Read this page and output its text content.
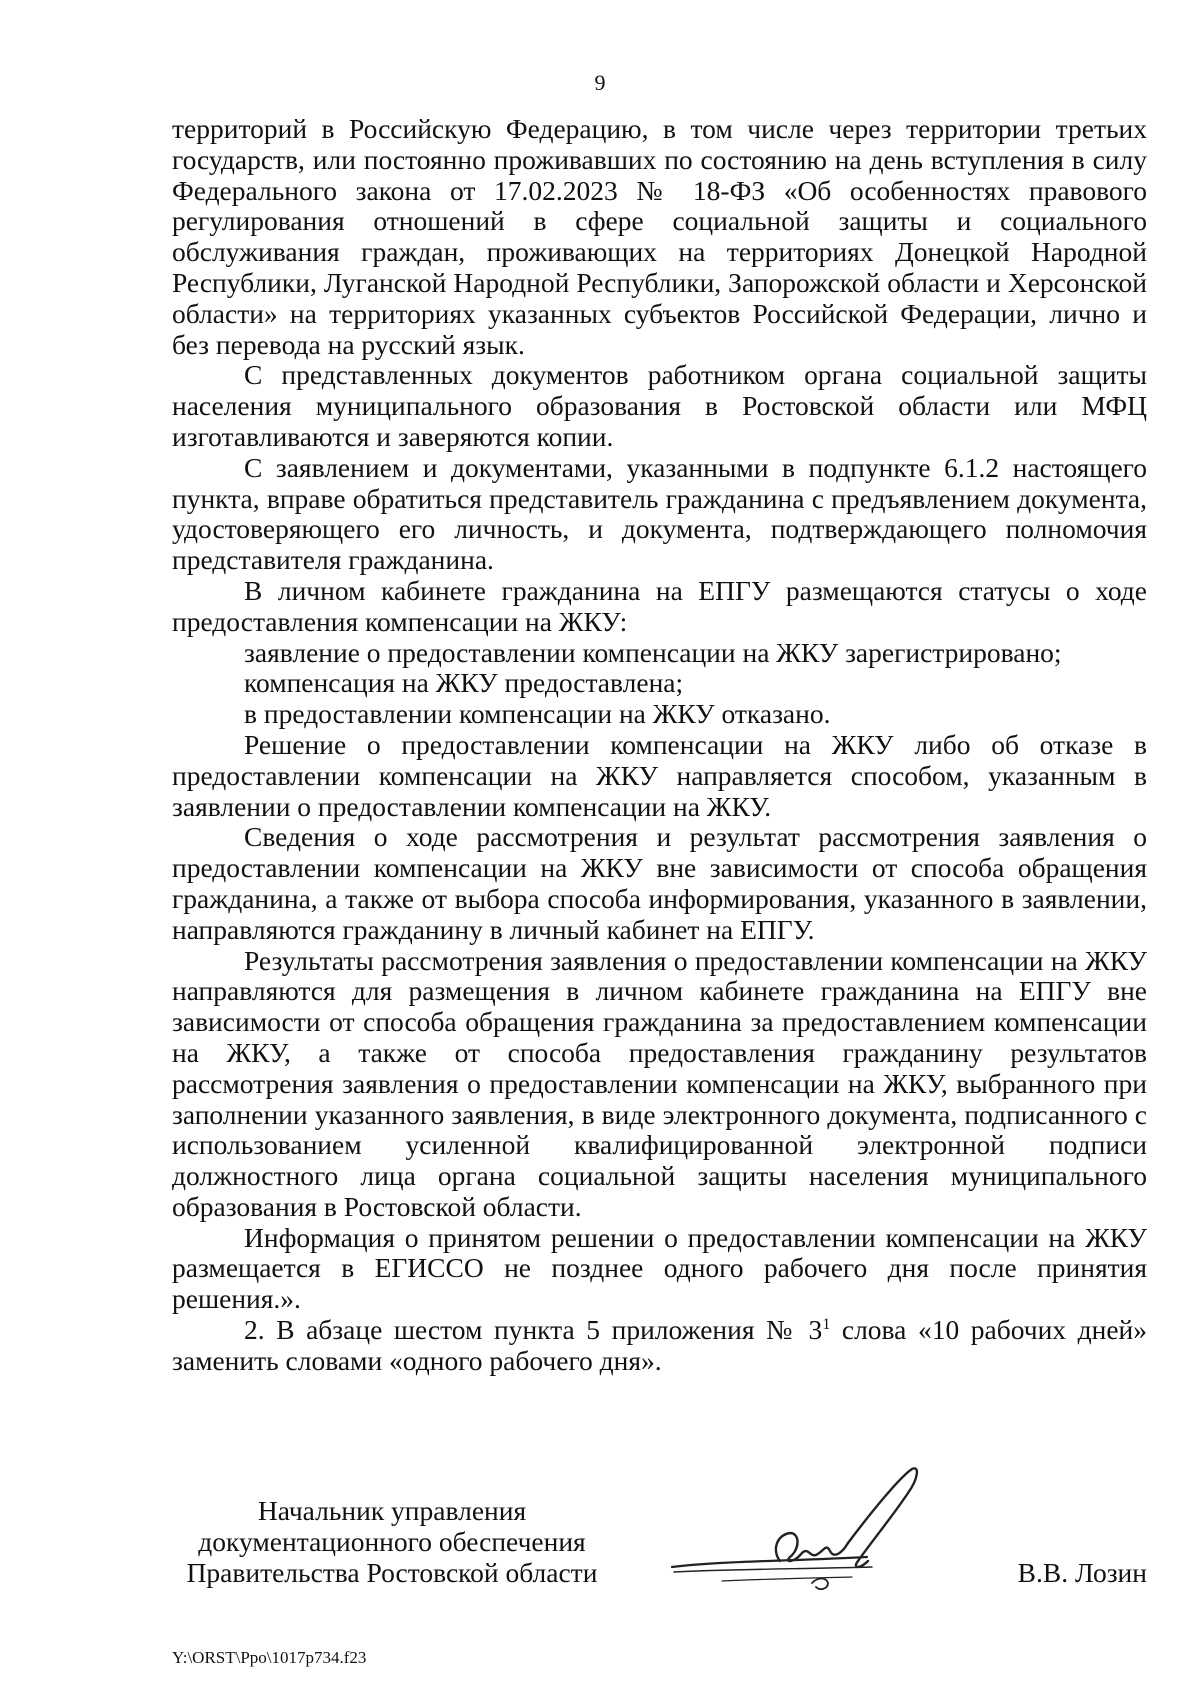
9

территорий в Российскую Федерацию, в том числе через территории третьих государств, или постоянно проживавших по состоянию на день вступления в силу Федерального закона от 17.02.2023 № 18-ФЗ «Об особенностях правового регулирования отношений в сфере социальной защиты и социального обслуживания граждан, проживающих на территориях Донецкой Народной Республики, Луганской Народной Республики, Запорожской области и Херсонской области» на территориях указанных субъектов Российской Федерации, лично и без перевода на русский язык.

С представленных документов работником органа социальной защиты населения муниципального образования в Ростовской области или МФЦ изготавливаются и заверяются копии.

С заявлением и документами, указанными в подпункте 6.1.2 настоящего пункта, вправе обратиться представитель гражданина с предъявлением документа, удостоверяющего его личность, и документа, подтверждающего полномочия представителя гражданина.

В личном кабинете гражданина на ЕПГУ размещаются статусы о ходе предоставления компенсации на ЖКУ:

заявление о предоставлении компенсации на ЖКУ зарегистрировано;

компенсация на ЖКУ предоставлена;

в предоставлении компенсации на ЖКУ отказано.

Решение о предоставлении компенсации на ЖКУ либо об отказе в предоставлении компенсации на ЖКУ направляется способом, указанным в заявлении о предоставлении компенсации на ЖКУ.

Сведения о ходе рассмотрения и результат рассмотрения заявления о предоставлении компенсации на ЖКУ вне зависимости от способа обращения гражданина, а также от выбора способа информирования, указанного в заявлении, направляются гражданину в личный кабинет на ЕПГУ.

Результаты рассмотрения заявления о предоставлении компенсации на ЖКУ направляются для размещения в личном кабинете гражданина на ЕПГУ вне зависимости от способа обращения гражданина за предоставлением компенсации на ЖКУ, а также от способа предоставления гражданину результатов рассмотрения заявления о предоставлении компенсации на ЖКУ, выбранного при заполнении указанного заявления, в виде электронного документа, подписанного с использованием усиленной квалифицированной электронной подписи должностного лица органа социальной защиты населения муниципального образования в Ростовской области.

Информация о принятом решении о предоставлении компенсации на ЖКУ размещается в ЕГИССО не позднее одного рабочего дня после принятия решения.».

2. В абзаце шестом пункта 5 приложения № $3^1$ слова «10 рабочих дней» заменить словами «одного рабочего дня».

Начальник управления
документационного обеспечения
Правительства Ростовской области	В.В. Лозин
Y:\ORST\Ppo\1017p734.f23
